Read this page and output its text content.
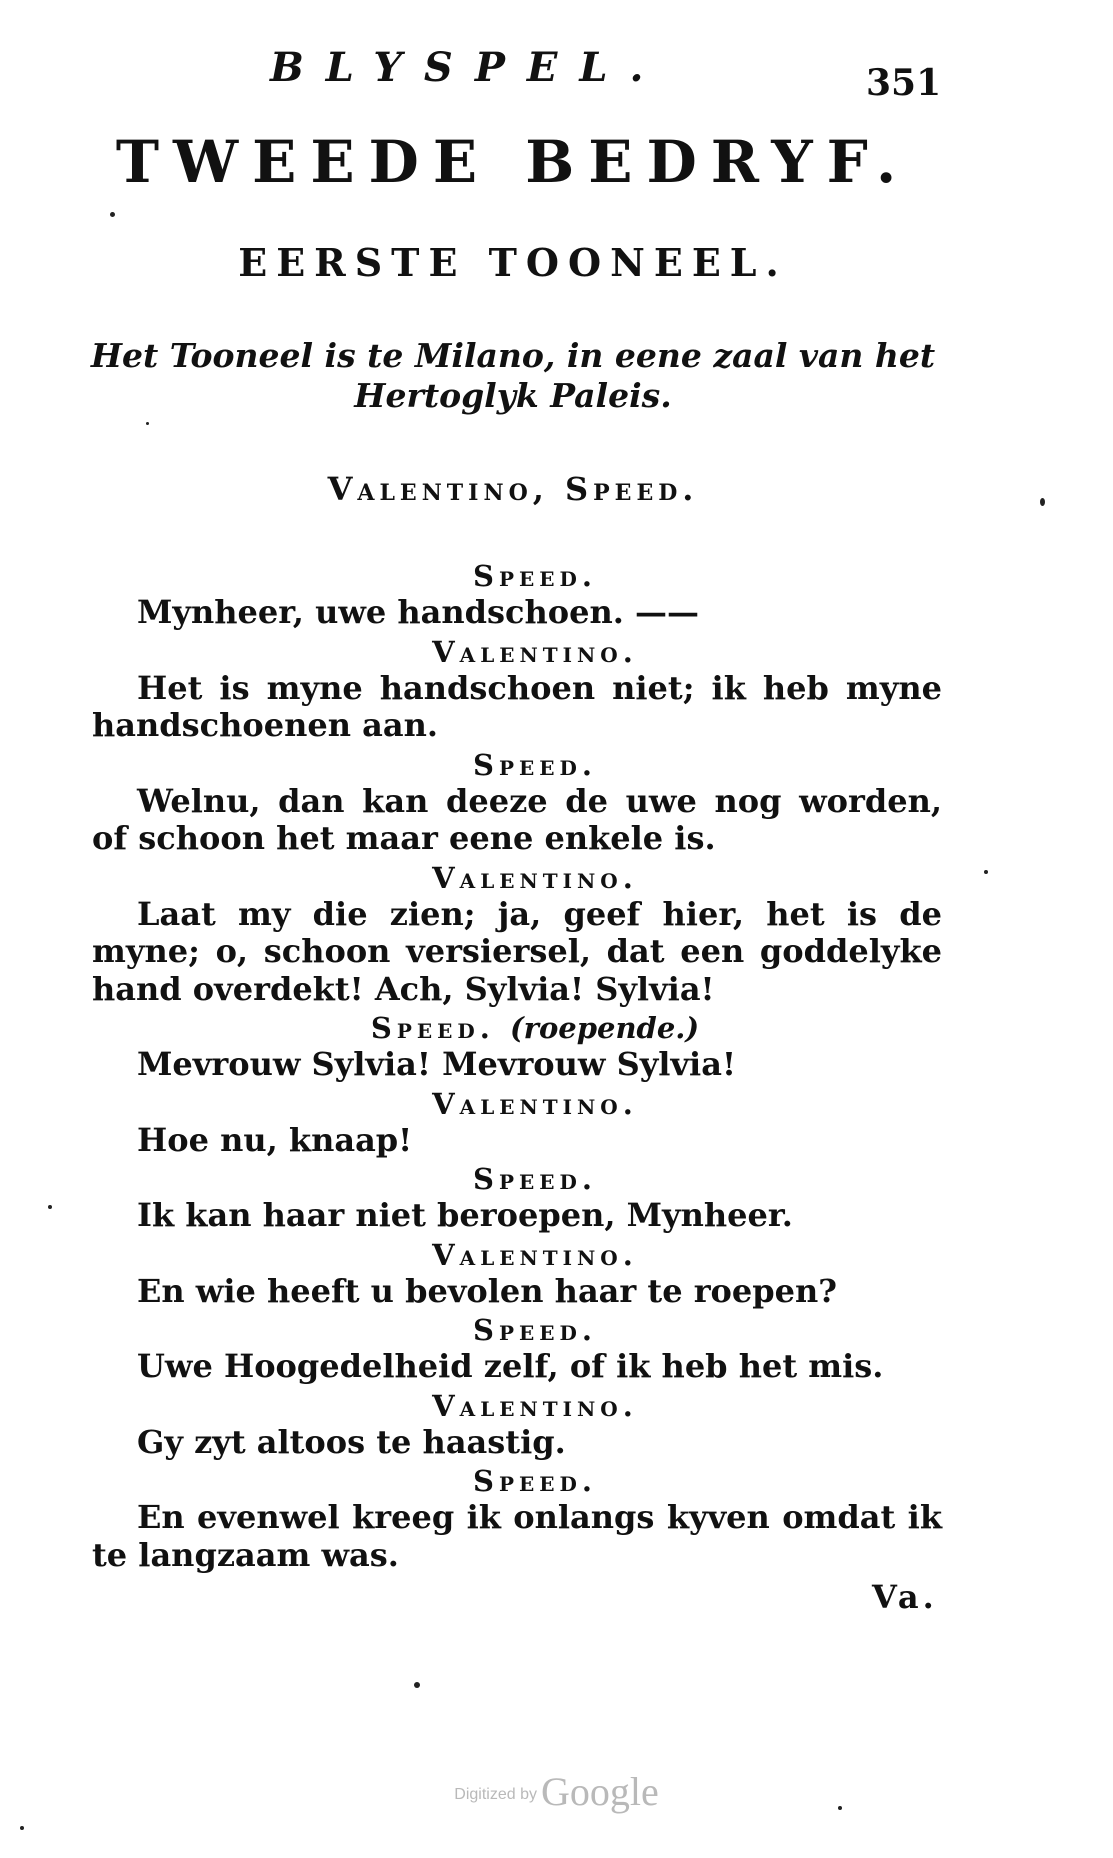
BLYSPEL.	351
TWEEDE BEDRYF.
EERSTE TOONEEL.
Het Tooneel is te Milano, in eene zaal van het
Hertoglyk Paleis.
Valentino, Speed.
Speed.
Mynheer, uwe handschoen. ——
Valentino.
Het is myne handschoen niet; ik heb myne handschoenen aan.
Speed.
Welnu, dan kan deeze de uwe nog worden, of schoon het maar eene enkele is.
Valentino.
Laat my die zien; ja, geef hier, het is de myne; o, schoon versiersel, dat een goddelyke hand overdekt! Ach, Sylvia! Sylvia!
Speed. (roepende.)
Mevrouw Sylvia! Mevrouw Sylvia!
Valentino.
Hoe nu, knaap!
Speed.
Ik kan haar niet beroepen, Mynheer.
Valentino.
En wie heeft u bevolen haar te roepen?
Speed.
Uwe Hoogedelheid zelf, of ik heb het mis.
Valentino.
Gy zyt altoos te haastig.
Speed.
En evenwel kreeg ik onlangs kyven omdat ik te langzaam was.
Va.
Digitized by Google
